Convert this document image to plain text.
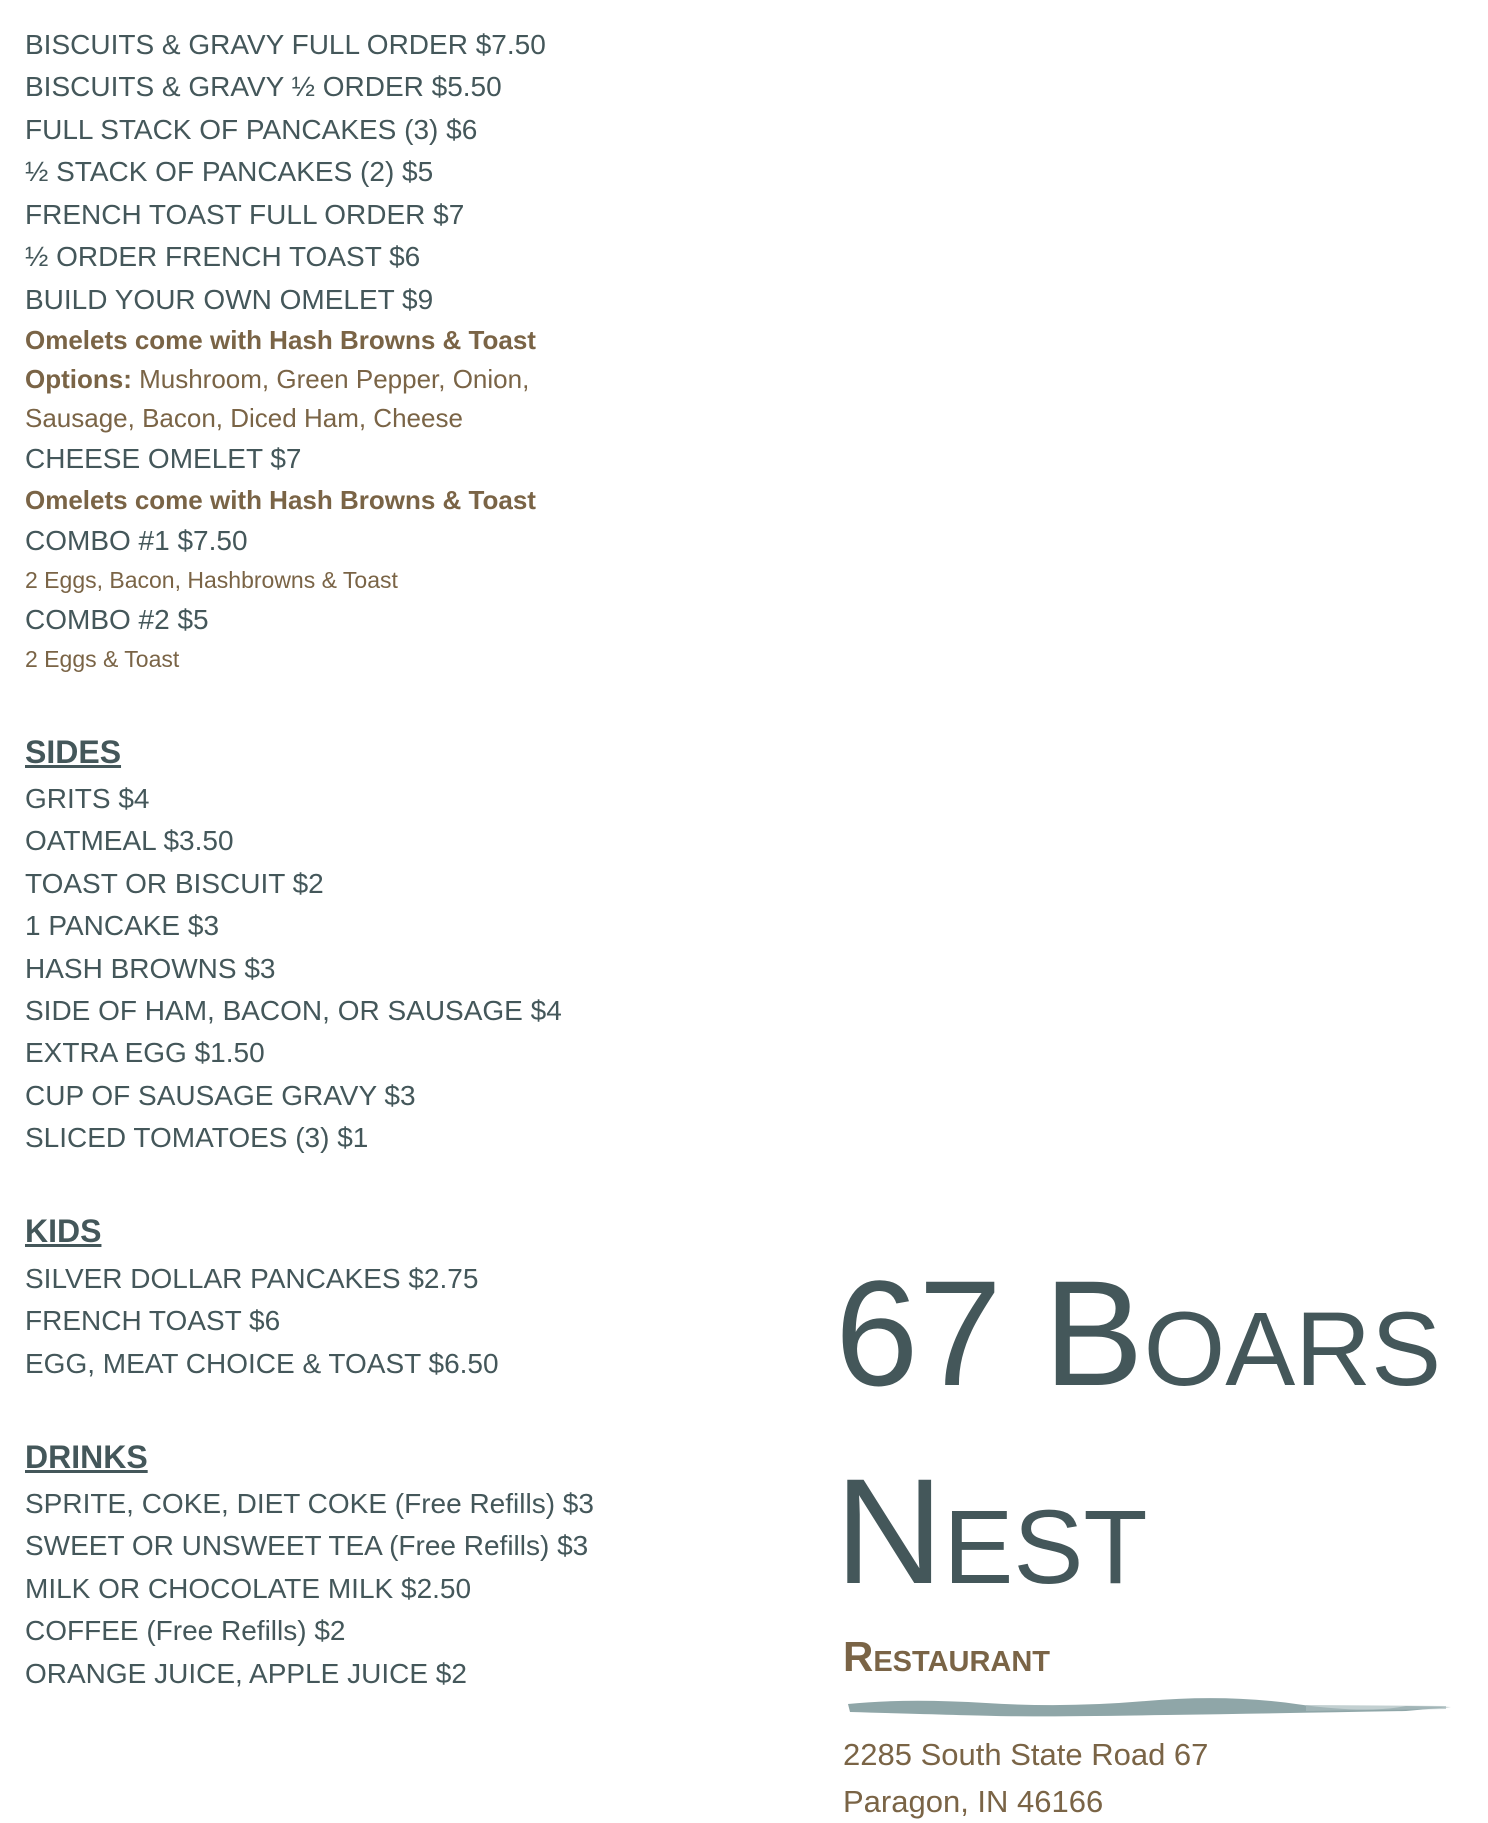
BISCUITS & GRAVY FULL ORDER $7.50
BISCUITS & GRAVY ½ ORDER $5.50
FULL STACK OF PANCAKES (3) $6
½ STACK OF PANCAKES (2) $5
FRENCH TOAST FULL ORDER $7
½ ORDER FRENCH TOAST $6
BUILD YOUR OWN OMELET $9
Omelets come with Hash Browns & Toast
Options: Mushroom, Green Pepper, Onion,
Sausage, Bacon, Diced Ham, Cheese
CHEESE OMELET $7
Omelets come with Hash Browns & Toast
COMBO #1 $7.50
2 Eggs, Bacon, Hashbrowns & Toast
COMBO #2 $5
2 Eggs & Toast
SIDES
GRITS $4
OATMEAL $3.50
TOAST OR BISCUIT $2
1 PANCAKE $3
HASH BROWNS $3
SIDE OF HAM, BACON, OR SAUSAGE $4
EXTRA EGG $1.50
CUP OF SAUSAGE GRAVY $3
SLICED TOMATOES (3) $1
KIDS
SILVER DOLLAR PANCAKES $2.75
FRENCH TOAST $6
EGG, MEAT CHOICE & TOAST $6.50
DRINKS
SPRITE, COKE, DIET COKE (Free Refills) $3
SWEET OR UNSWEET TEA (Free Refills) $3
MILK OR CHOCOLATE MILK $2.50
COFFEE (Free Refills) $2
ORANGE JUICE, APPLE JUICE $2
67 Boars
Nest
Restaurant
2285 South State Road 67
Paragon, IN 46166
